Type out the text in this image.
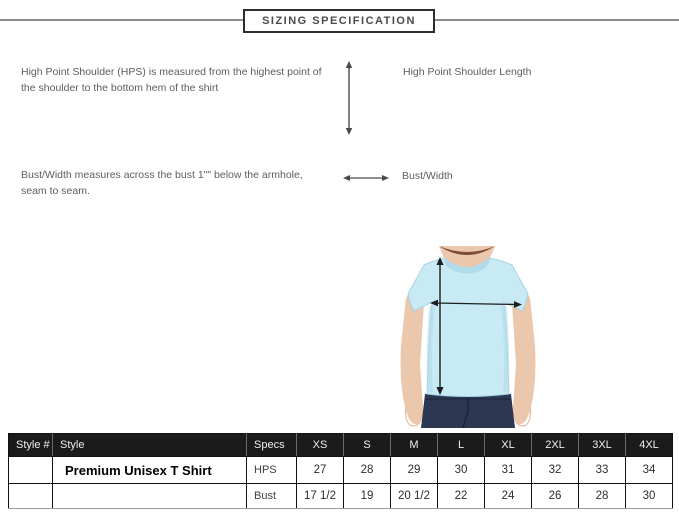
SIZING SPECIFICATION
High Point Shoulder (HPS) is measured from the highest point of the shoulder to the bottom hem of the shirt
High Point Shoulder Length
Bust/Width measures across the bust 1"" below the armhole, seam to seam.
Bust/Width
Style #	Style	Specs	XS	S	M	L	XL	2XL	3XL	4XL
	Premium Unisex T Shirt	HPS	27	28	29	30	31	32	33	34
		Bust	17 1/2	19	20 1/2	22	24	26	28	30
